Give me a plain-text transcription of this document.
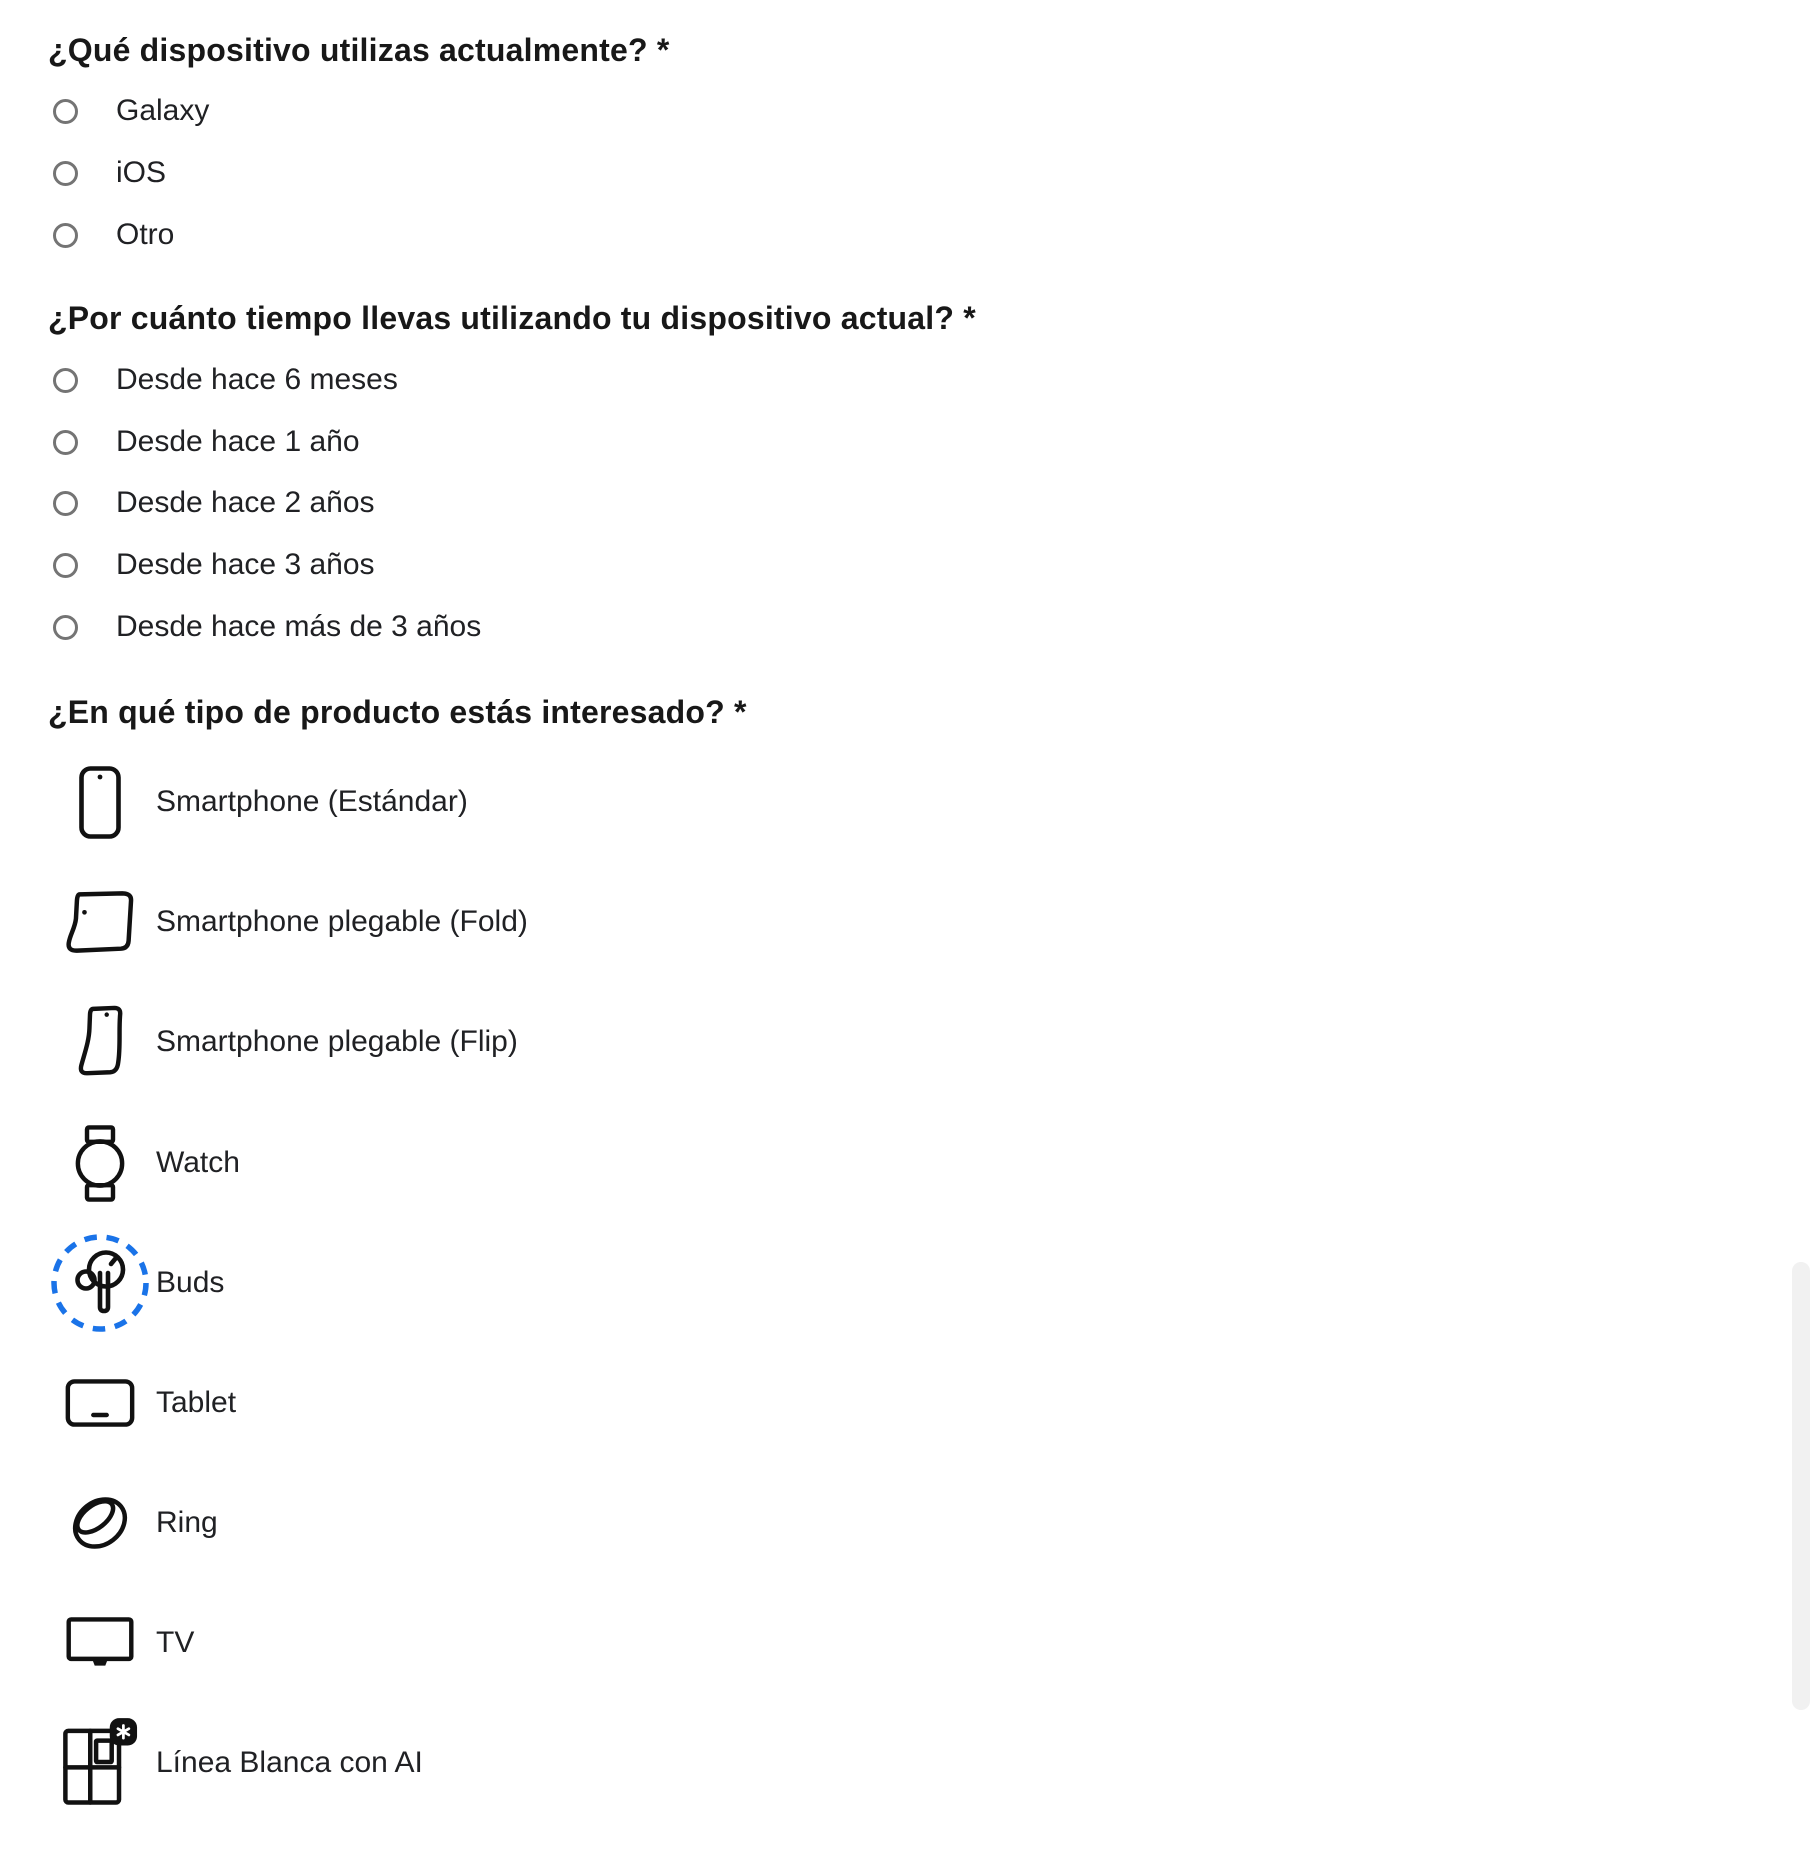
¿Qué dispositivo utilizas actualmente? *
Galaxy
iOS
Otro
¿Por cuánto tiempo llevas utilizando tu dispositivo actual? *
Desde hace 6 meses
Desde hace 1 año
Desde hace 2 años
Desde hace 3 años
Desde hace más de 3 años
¿En qué tipo de producto estás interesado? *
Smartphone (Estándar)
Smartphone plegable (Fold)
Smartphone plegable (Flip)
Watch
Buds
Tablet
Ring
TV
Línea Blanca con AI
